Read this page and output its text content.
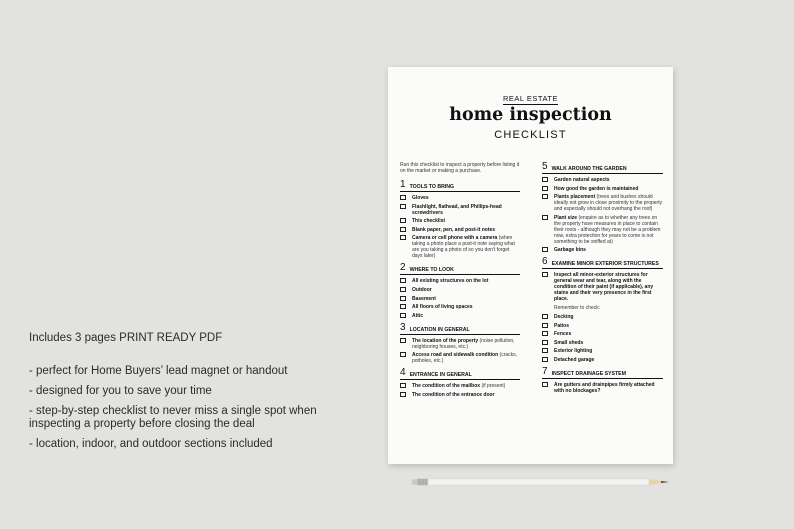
Includes 3 pages PRINT READY PDF
- perfect for Home Buyers’ lead magnet or handout
- designed for you to save your time
- step-by-step checklist to never miss a single spot when inspecting a property before closing the deal
- location, indoor, and outdoor sections included
REAL ESTATE
home inspection
CHECKLIST

Run this checklist to inspect a property before listing it on the market or making a purchase.

1 TOOLS TO BRING
Gloves
Flashlight, flathead, and Phillips-head screwdrivers
This checklist
Blank paper, pen, and post-it notes
Camera or cell phone with a camera (when taking a photo place a post-it note saying what are you taking a photo of so you don't forget days later)
2 WHERE TO LOOK
All existing structures on the lot
Outdoor
Basement
All floors of living spaces
Attic
3 LOCATION IN GENERAL
The location of the property (noise pollution, neighboring houses, etc.)
Access road and sidewalk condition (cracks, potholes, etc.)
4 ENTRANCE IN GENERAL
The condition of the mailbox (if present)
The condition of the entrance door
5 WALK AROUND THE GARDEN
Garden natural aspects
How good the garden is maintained
Plants placement (trees and bushes should ideally not grow in close proximity to the property and especially should not overhang the roof)
Plant size (enquire as to whether any trees on the property have measures in place to contain their roots - although they may not be a problem now, extra protection for years to come is not something to be sniffed at)
Garbage bins
6 EXAMINE MINOR EXTERIOR STRUCTURES
Inspect all minor-exterior structures for general wear and tear, along with the condition of their paint (if applicable), any stains and their very presence in the first place.
Remember to check:
Decking
Patios
Fences
Small sheds
Exterior lighting
Detached garage
7 INSPECT DRAINAGE SYSTEM
Are gutters and drainpipes firmly attached with no blockages?
